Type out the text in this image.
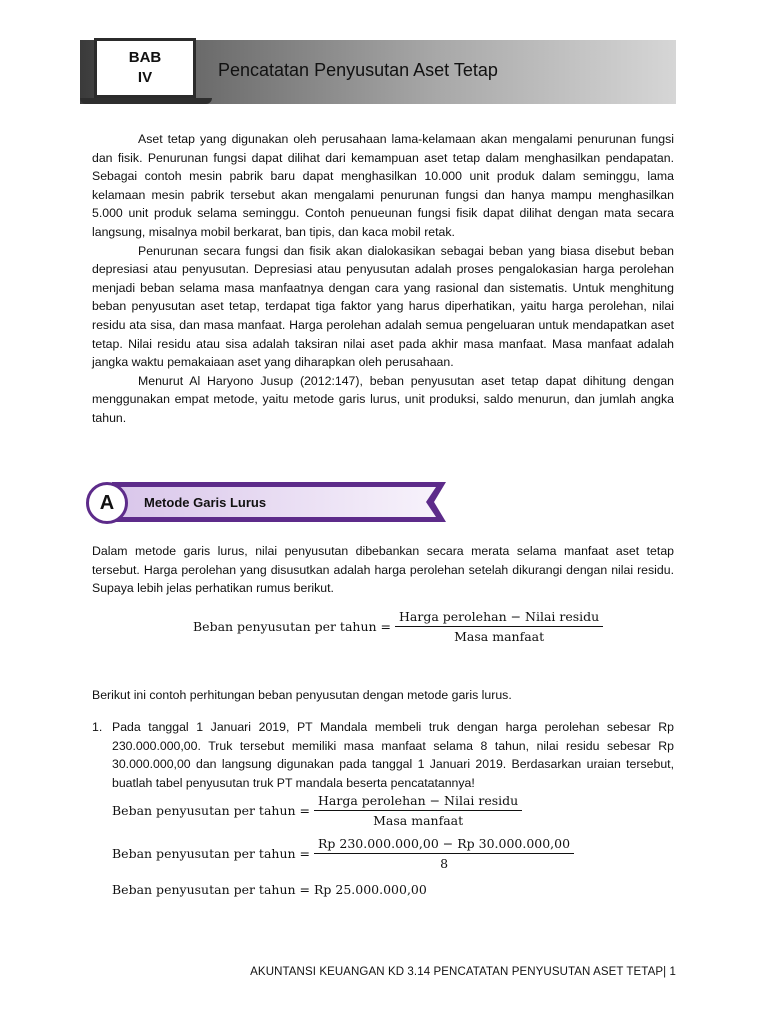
BAB
IV	Pencatatan Penyusutan Aset Tetap

Aset tetap yang digunakan oleh perusahaan lama-kelamaan akan mengalami penurunan fungsi dan fisik. Penurunan fungsi dapat dilihat dari kemampuan aset tetap dalam menghasilkan pendapatan. Sebagai contoh mesin pabrik baru dapat menghasilkan 10.000 unit produk dalam seminggu, lama kelamaan mesin pabrik tersebut akan mengalami penurunan fungsi dan hanya mampu menghasilkan 5.000 unit produk selama seminggu. Contoh penueunan fungsi fisik dapat dilihat dengan mata secara langsung, misalnya mobil berkarat, ban tipis, dan kaca mobil retak.

Penurunan secara fungsi dan fisik akan dialokasikan sebagai beban yang biasa disebut beban depresiasi atau penyusutan. Depresiasi atau penyusutan adalah proses pengalokasian harga perolehan menjadi beban selama masa manfaatnya dengan cara yang rasional dan sistematis. Untuk menghitung beban penyusutan aset tetap, terdapat tiga faktor yang harus diperhatikan, yaitu harga perolehan, nilai residu ata sisa, dan masa manfaat. Harga perolehan adalah semua pengeluaran untuk mendapatkan aset tetap. Nilai residu atau sisa adalah taksiran nilai aset pada akhir masa manfaat. Masa manfaat adalah jangka waktu pemakaiaan aset yang diharapkan oleh perusahaan.

Menurut Al Haryono Jusup (2012:147), beban penyusutan aset tetap dapat dihitung dengan menggunakan empat metode, yaitu metode garis lurus, unit produksi, saldo menurun, dan jumlah angka tahun.

A Metode Garis Lurus

Dalam metode garis lurus, nilai penyusutan dibebankan secara merata selama manfaat aset tetap tersebut. Harga perolehan yang disusutkan adalah harga perolehan setelah dikurangi dengan nilai residu. Supaya lebih jelas perhatikan rumus berikut.

Beban penyusutan per tahun = $\frac{\text{Harga perolehan − Nilai residu}}{\text{Masa manfaat}}$

Berikut ini contoh perhitungan beban penyusutan dengan metode garis lurus.

1. Pada tanggal 1 Januari 2019, PT Mandala membeli truk dengan harga perolehan sebesar Rp 230.000.000,00. Truk tersebut memiliki masa manfaat selama 8 tahun, nilai residu sebesar Rp 30.000.000,00 dan langsung digunakan pada tanggal 1 Januari 2019. Berdasarkan uraian tersebut, buatlah tabel penyusutan truk PT mandala beserta pencatatannya!
Beban penyusutan per tahun = $\frac{\text{Harga perolehan − Nilai residu}}{\text{Masa manfaat}}$
Beban penyusutan per tahun = $\frac{Rp 230.000.000,00 - Rp 30.000.000,00}{8}$
Beban penyusutan per tahun = Rp 25.000.000,00
AKUNTANSI KEUANGAN KD 3.14 PENCATATAN PENYUSUTAN ASET TETAP| 1
